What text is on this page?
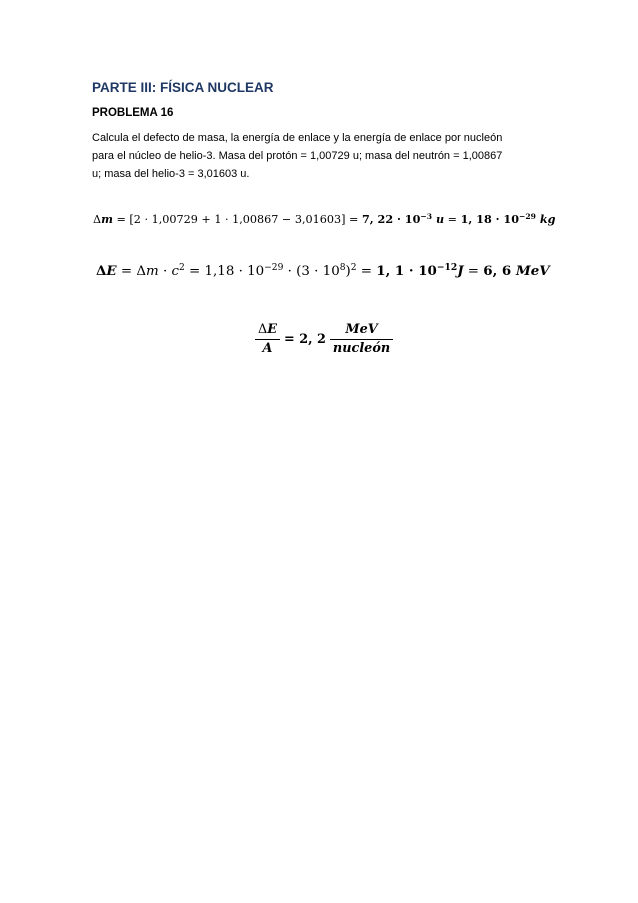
PARTE III: FÍSICA NUCLEAR
PROBLEMA 16
Calcula el defecto de masa, la energía de enlace y la energía de enlace por nucleón
para el núcleo de helio-3. Masa del protón = 1,00729 u; masa del neutrón = 1,00867
u; masa del helio-3 = 3,01603 u.
Δm = [2 · 1,00729 + 1 · 1,00867 − 3,01603] = 7, $22 \cdot 10^{-3}$ u = 1, $18 \cdot 10^{-29}$ kg
$\Delta E = \Delta m \cdot c^2 = 1,18 \cdot 10^{-29} \cdot (3 \cdot 10^8)^2 = 1$, $1 \cdot 10^{-12}J = 6$, 6 MeV
$\frac{\Delta E}{A} = 2$, $2 \frac{\text{MeV}}{\text{nucleón}}$
